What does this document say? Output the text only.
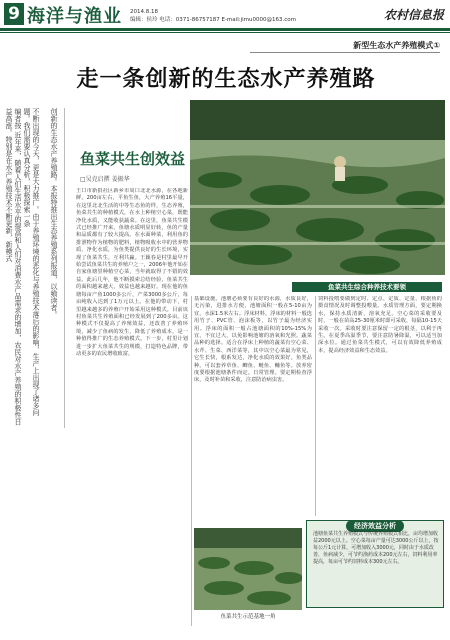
9 海洋与渔业 2014.8.18
编辑：侯玲 电话：0371-86757187 E-mail:jimu0000@163.com	农村信息报
新型生态水产养殖模式①
走一条创新的生态水产养殖路
编者按 近年来，随着人们生活水平的提高和人们对消费水产品需求的增加，农民对水产养殖的积极性日益高涨。特别是在水产养殖技术不断更新，新模式	不断出现的今天，更是大力推广。由于养殖环境的恶化与养殖技术落后的影响，生产上出现了诸多问题。我们需要认真分析，积极探索一条	创新的生态水产养殖路。本报特推出生态养殖系列报道，以飨读者。 鱼菜共生创效益
□吴克启撰 姜振华
鱼菜共生综合种养技术要领
王口市新捐社区新乡市周口北北水源，在各地新鲜，200亩左右，平鱼生鱼，大产养殖16平量，在这里北北生活的中等生态鱼的样，生态养殖，鱼菜共生的种植模式，在水上种植空心菜，既能净化水质，又能收获蔬菜。在这里，鱼菜共生模式已经推广开来，鱼塘水质明显好转，鱼的产量和品质都有了较大提高。在水面种菜，利用鱼的排泄物作为植物的肥料，植物吸收水中的营养物质，净化水质，为鱼类提供良好的生长环境，实现了鱼菜共生，互利共赢。王颖春是村里最早开始尝试鱼菜共生的养殖户之一，2006年他开始在自家鱼塘里种植空心菜，当年就取得了不错的效益。此后几年，他不断摸索总结经验，鱼菜共生的面积越来越大，效益也越来越好。现在他的鱼塘每亩产鱼1000多公斤，产菜3000多公斤，每亩纯收入达到了1万元以上。在他的带动下，村里越来越多的养殖户开始采用这种模式。目前该村鱼菜共生养殖面积已经发展到了200多亩。这种模式不仅提高了养殖效益，还改善了养殖环境，减少了鱼病的发生，降低了养殖成本，是一种值得推广的生态养殖模式。下一步，村里计划进一步扩大鱼菜共生的规模，打造特色品牌，带动更多的农民增收致富。
基础设施。池塘必须要有良好的水源，水质良好，无污染，进排水方便，池塘面积一般在5-10亩为宜，水深1.5米左右。浮床材料。浮床的材料一般选用竹子、PVC管、泡沫板等，以竹子最为经济实用。浮床的面积一般占池塘面积的10%-15%为宜，不宜过大，以免影响池塘的溶氧和光照。蔬菜品种的选择。适合在浮床上种植的蔬菜有空心菜、水芹、生菜、西洋菜等，其中以空心菜最为常见，它生长快，根系发达，净化水质的效果好。鱼类品种。可以套养草鱼、鲫鱼、鲢鱼、鳙鱼等。放养密度要根据池塘条件而定。日常管理。要定期检查浮床，及时补苗和采收，注意防治病虫害。
饲料投喂要做到定时、定点、定质、定量，根据鱼的摄食情况及时调整投喂量。水质管理方面，要定期换水，保持水质清新，溶氧充足。空心菜的采收要及时，一般在苗高25-30厘米时即可采收，每隔10-15天采收一次。采收时要注意保留一定的根茎，以利于再生。在夏季高温季节，要注意防暑降温，可以适当加深水位。通过鱼菜共生模式，可以有效降低养殖成本，提高经济效益和生态效益。
经济效益分析
池塘鱼菜共生养殖模式与传统养殖模式相比，亩均增加收益2000元以上。空心菜每亩产量可达3000公斤以上，按每公斤1元计算，可增加收入3000元，同时由于水质改善，鱼病减少，可节约渔药成本200元左右，饲料利用率提高，每亩可节约饲料成本300元左右。
鱼菜共生示范基地一角
